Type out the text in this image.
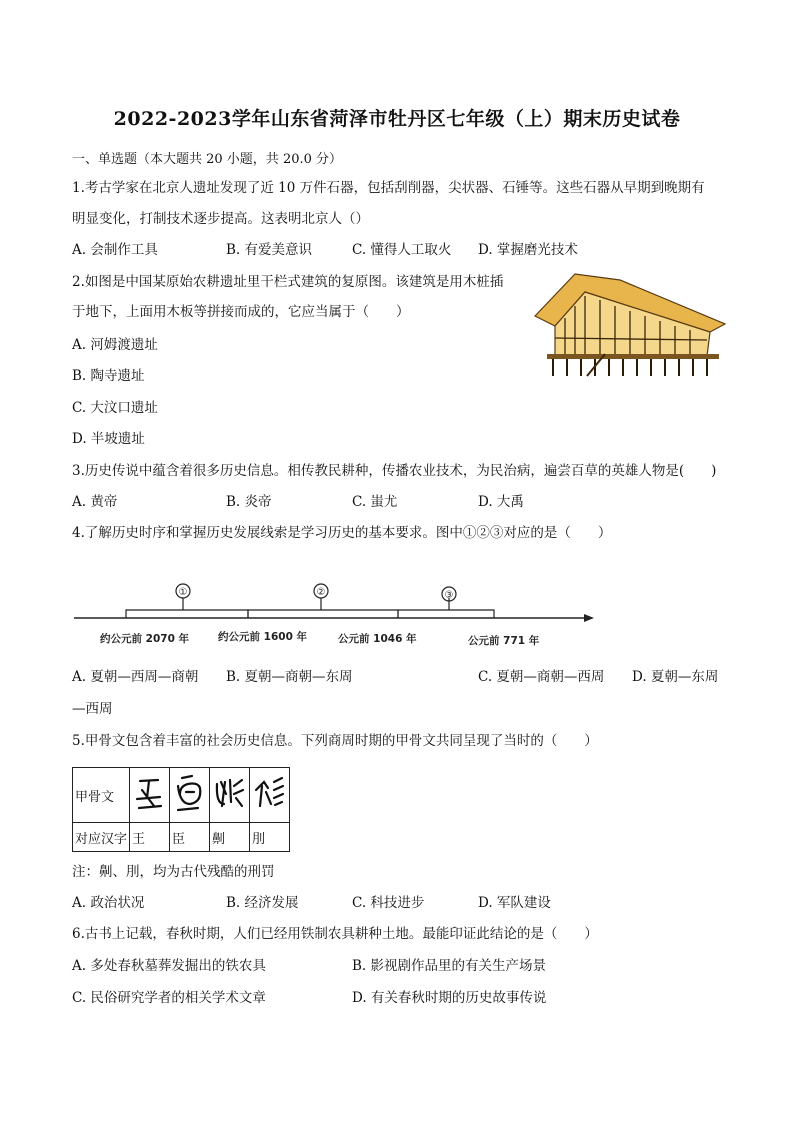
2022-2023学年山东省菏泽市牡丹区七年级（上）期末历史试卷
一、单选题（本大题共 20 小题，共 20.0 分）
1.考古学家在北京人遗址发现了近 10 万件石器，包括刮削器，尖状器、石锤等。这些石器从早期到晚期有
明显变化，打制技术逐步提高。这表明北京人（）
A. 会制作工具	B. 有爱美意识	C. 懂得人工取火 D. 掌握磨光技术
2.如图是中国某原始农耕遗址里干栏式建筑的复原图。该建筑是用木桩插
于地下，上面用木板等拼接而成的，它应当属于（　　）
A. 河姆渡遗址
B. 陶寺遗址
C. 大汶口遗址
D. 半坡遗址
3.历史传说中蕴含着很多历史信息。相传教民耕种，传播农业技术，为民治病，遍尝百草的英雄人物是(　　)
A. 黄帝	B. 炎帝	C. 蚩尤	D. 大禹
4.了解历史时序和掌握历史发展线索是学习历史的基本要求。图中①②③对应的是（　　）
①	②	③
约公元前 2070 年	约公元前 1600 年	公元前 1046 年	公元前 771 年
A. 夏朝—西周—商朝 B. 夏朝—商朝—东周	C. 夏朝—商朝—西周 D. 夏朝—东周
—西周
5.甲骨文包含着丰富的社会历史信息。下列商周时期的甲骨文共同呈现了当时的（　　）
甲骨文				
对应汉字	王	臣	劓	刖
注：劓、刖，均为古代残酷的刑罚
A. 政治状况	B. 经济发展	C. 科技进步	D. 军队建设
6.古书上记载，春秋时期，人们已经用铁制农具耕种土地。最能印证此结论的是（　　）
A. 多处春秋墓葬发掘出的铁农具	B. 影视剧作品里的有关生产场景
C. 民俗研究学者的相关学术文章	D. 有关春秋时期的历史故事传说
